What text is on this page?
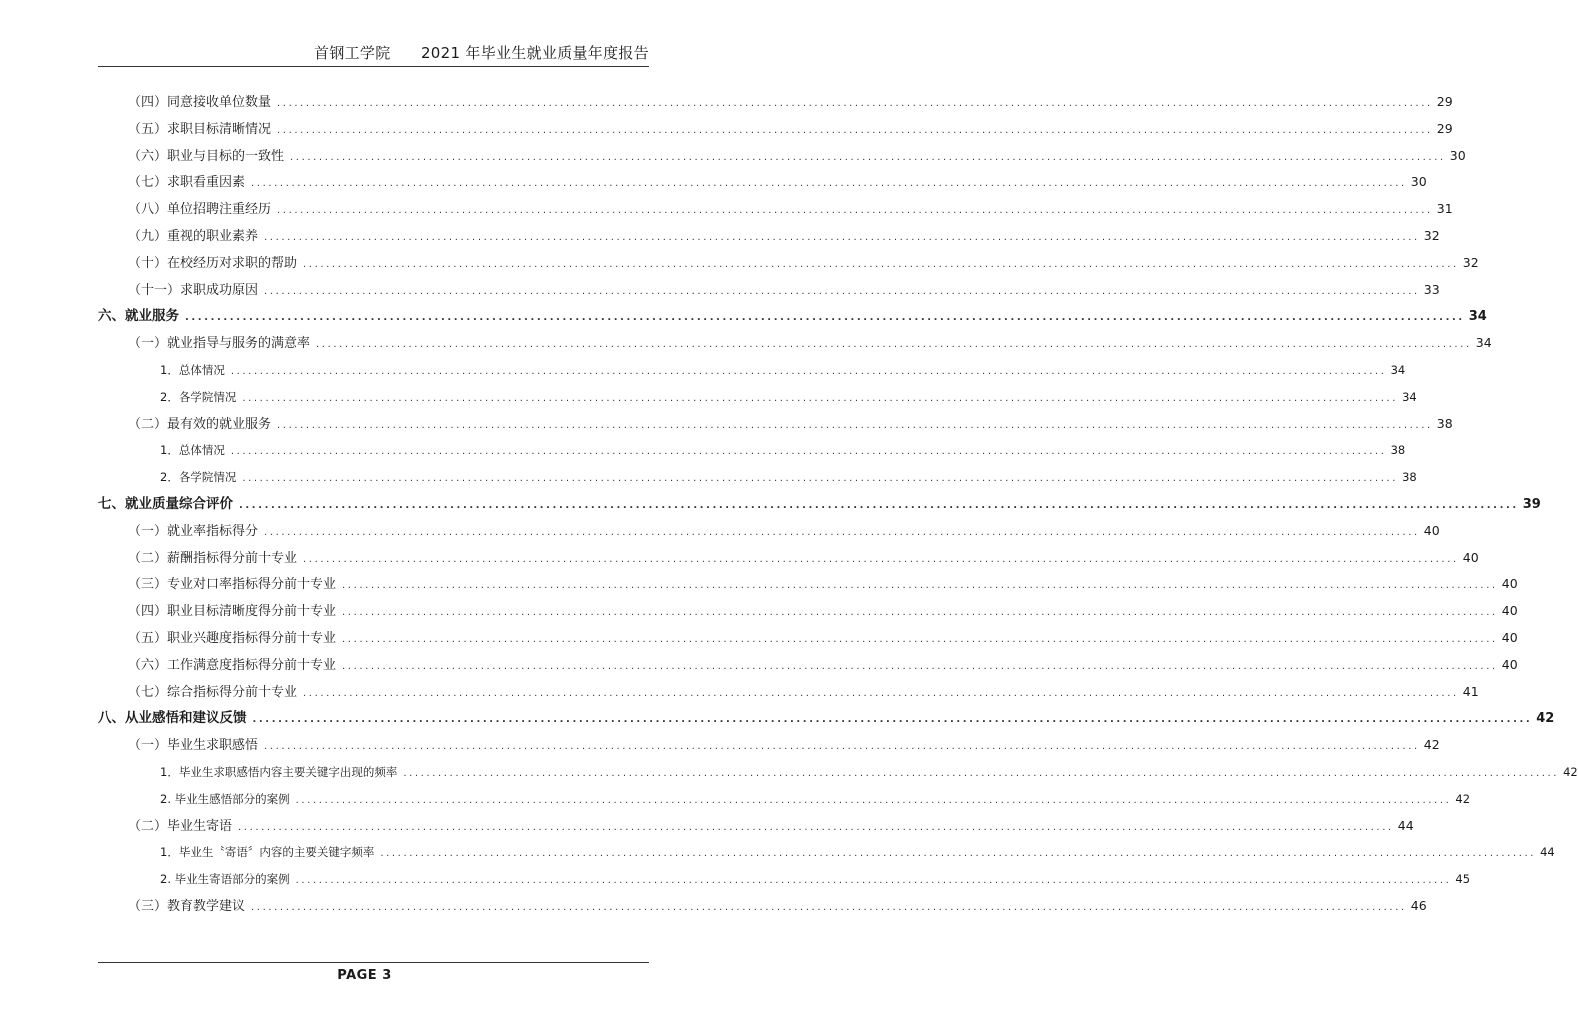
首钢工学院 2021 年毕业生就业质量年度报告
（四）同意接收单位数量 ........................................................................................................................................................................................................ 29
（五）求职目标清晰情况 ........................................................................................................................................................................................................ 29
（六）职业与目标的一致性 ........................................................................................................................................................................................................ 30
（七）求职看重因素 ........................................................................................................................................................................................................ 30
（八）单位招聘注重经历 ........................................................................................................................................................................................................ 31
（九）重视的职业素养 ........................................................................................................................................................................................................ 32
（十）在校经历对求职的帮助 ........................................................................................................................................................................................................ 32
（十一）求职成功原因 ........................................................................................................................................................................................................ 33
六、就业服务 ........................................................................................................................................................................................................ 34
（一）就业指导与服务的满意率 ........................................................................................................................................................................................................ 34
1．总体情况 ........................................................................................................................................................................................................ 34
2．各学院情况 ........................................................................................................................................................................................................ 34
（二）最有效的就业服务 ........................................................................................................................................................................................................ 38
1．总体情况 ........................................................................................................................................................................................................ 38
2．各学院情况 ........................................................................................................................................................................................................ 38
七、就业质量综合评价 ........................................................................................................................................................................................................ 39
（一）就业率指标得分 ........................................................................................................................................................................................................ 40
（二）薪酬指标得分前十专业 ........................................................................................................................................................................................................ 40
（三）专业对口率指标得分前十专业 ........................................................................................................................................................................................................ 40
（四）职业目标清晰度得分前十专业 ........................................................................................................................................................................................................ 40
（五）职业兴趣度指标得分前十专业 ........................................................................................................................................................................................................ 40
（六）工作满意度指标得分前十专业 ........................................................................................................................................................................................................ 40
（七）综合指标得分前十专业 ........................................................................................................................................................................................................ 41
八、从业感悟和建议反馈 ........................................................................................................................................................................................................ 42
（一）毕业生求职感悟 ........................................................................................................................................................................................................ 42
1．毕业生求职感悟内容主要关键字出现的频率 ........................................................................................................................................................................................................ 42
2. 毕业生感悟部分的案例 ........................................................................................................................................................................................................ 42
（二）毕业生寄语 ........................................................................................................................................................................................................ 44
1．毕业生〝寄语〞内容的主要关键字频率 ........................................................................................................................................................................................................ 44
2. 毕业生寄语部分的案例 ........................................................................................................................................................................................................ 45
（三）教育教学建议 ........................................................................................................................................................................................................ 46
PAGE 3
